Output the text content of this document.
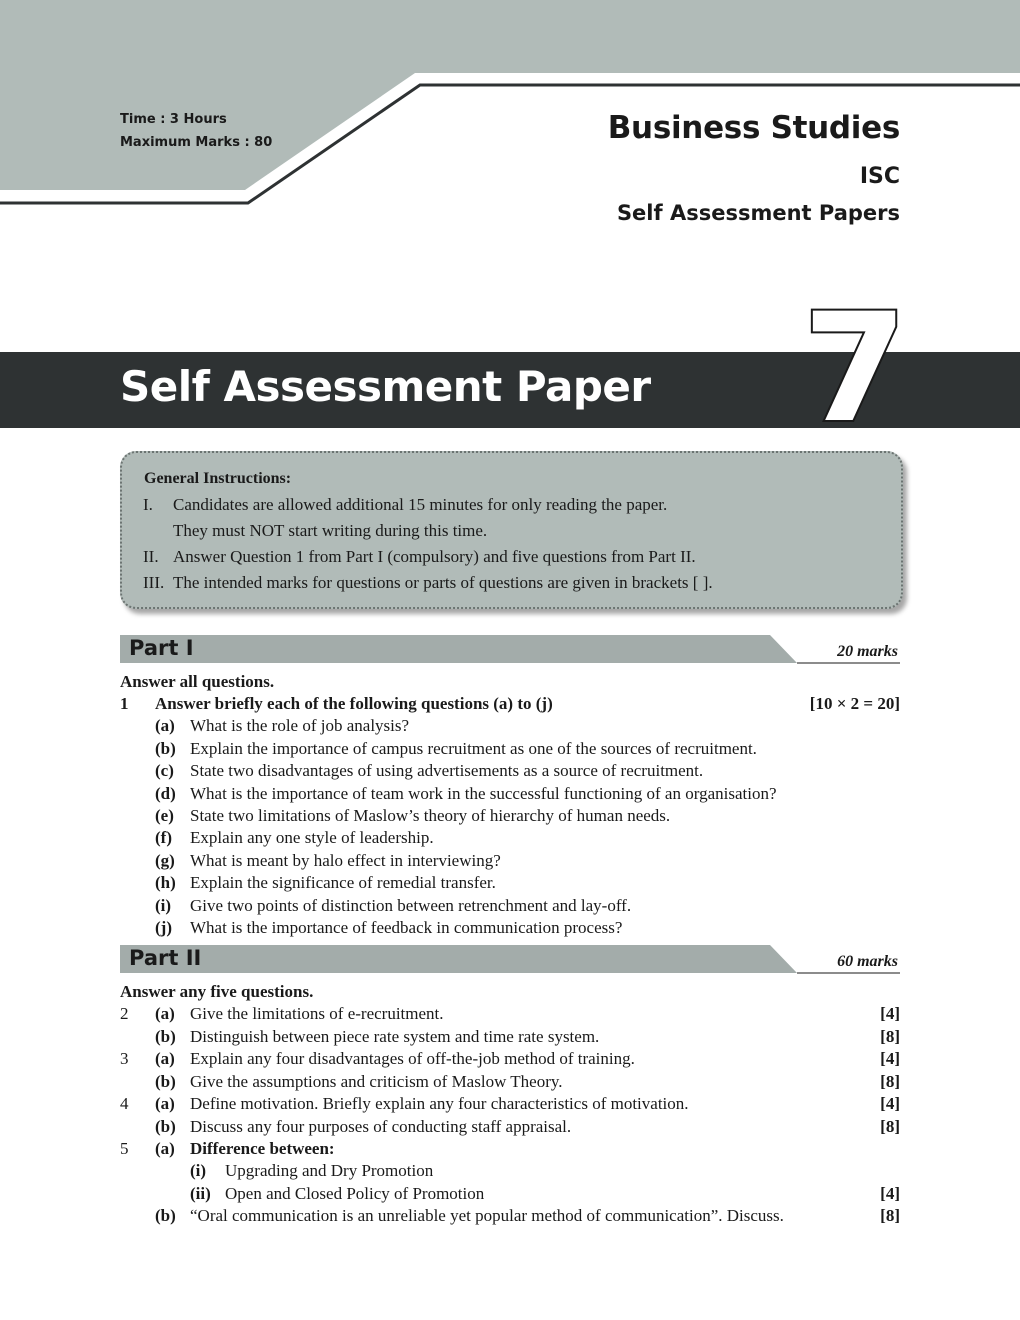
Time : 3 Hours
Maximum Marks : 80	Business Studies
ISC
Self Assessment Papers
Self Assessment Paper 7
General Instructions:
I. Candidates are allowed additional 15 minutes for only reading the paper.
They must NOT start writing during this time.
II. Answer Question 1 from Part I (compulsory) and five questions from Part II.
III. The intended marks for questions or parts of questions are given in brackets [ ].
Part I	20 marks
Answer all questions.
1 Answer briefly each of the following questions (a) to (j)	[10 × 2 = 20]
(a) What is the role of job analysis?
(b) Explain the importance of campus recruitment as one of the sources of recruitment.
(c) State two disadvantages of using advertisements as a source of recruitment.
(d) What is the importance of team work in the successful functioning of an organisation?
(e) State two limitations of Maslow’s theory of hierarchy of human needs.
(f) Explain any one style of leadership.
(g) What is meant by halo effect in interviewing?
(h) Explain the significance of remedial transfer.
(i) Give two points of distinction between retrenchment and lay-off.
(j) What is the importance of feedback in communication process?
Part II	60 marks
Answer any five questions.
2 (a) Give the limitations of e-recruitment.	[4]
(b) Distinguish between piece rate system and time rate system.	[8]
3 (a) Explain any four disadvantages of off-the-job method of training.	[4]
(b) Give the assumptions and criticism of Maslow Theory.	[8]
4 (a) Define motivation. Briefly explain any four characteristics of motivation.	[4]
(b) Discuss any four purposes of conducting staff appraisal.	[8]
5 (a) Difference between:
(i) Upgrading and Dry Promotion
(ii) Open and Closed Policy of Promotion	[4]
(b) “Oral communication is an unreliable yet popular method of communication”. Discuss.	[8]
